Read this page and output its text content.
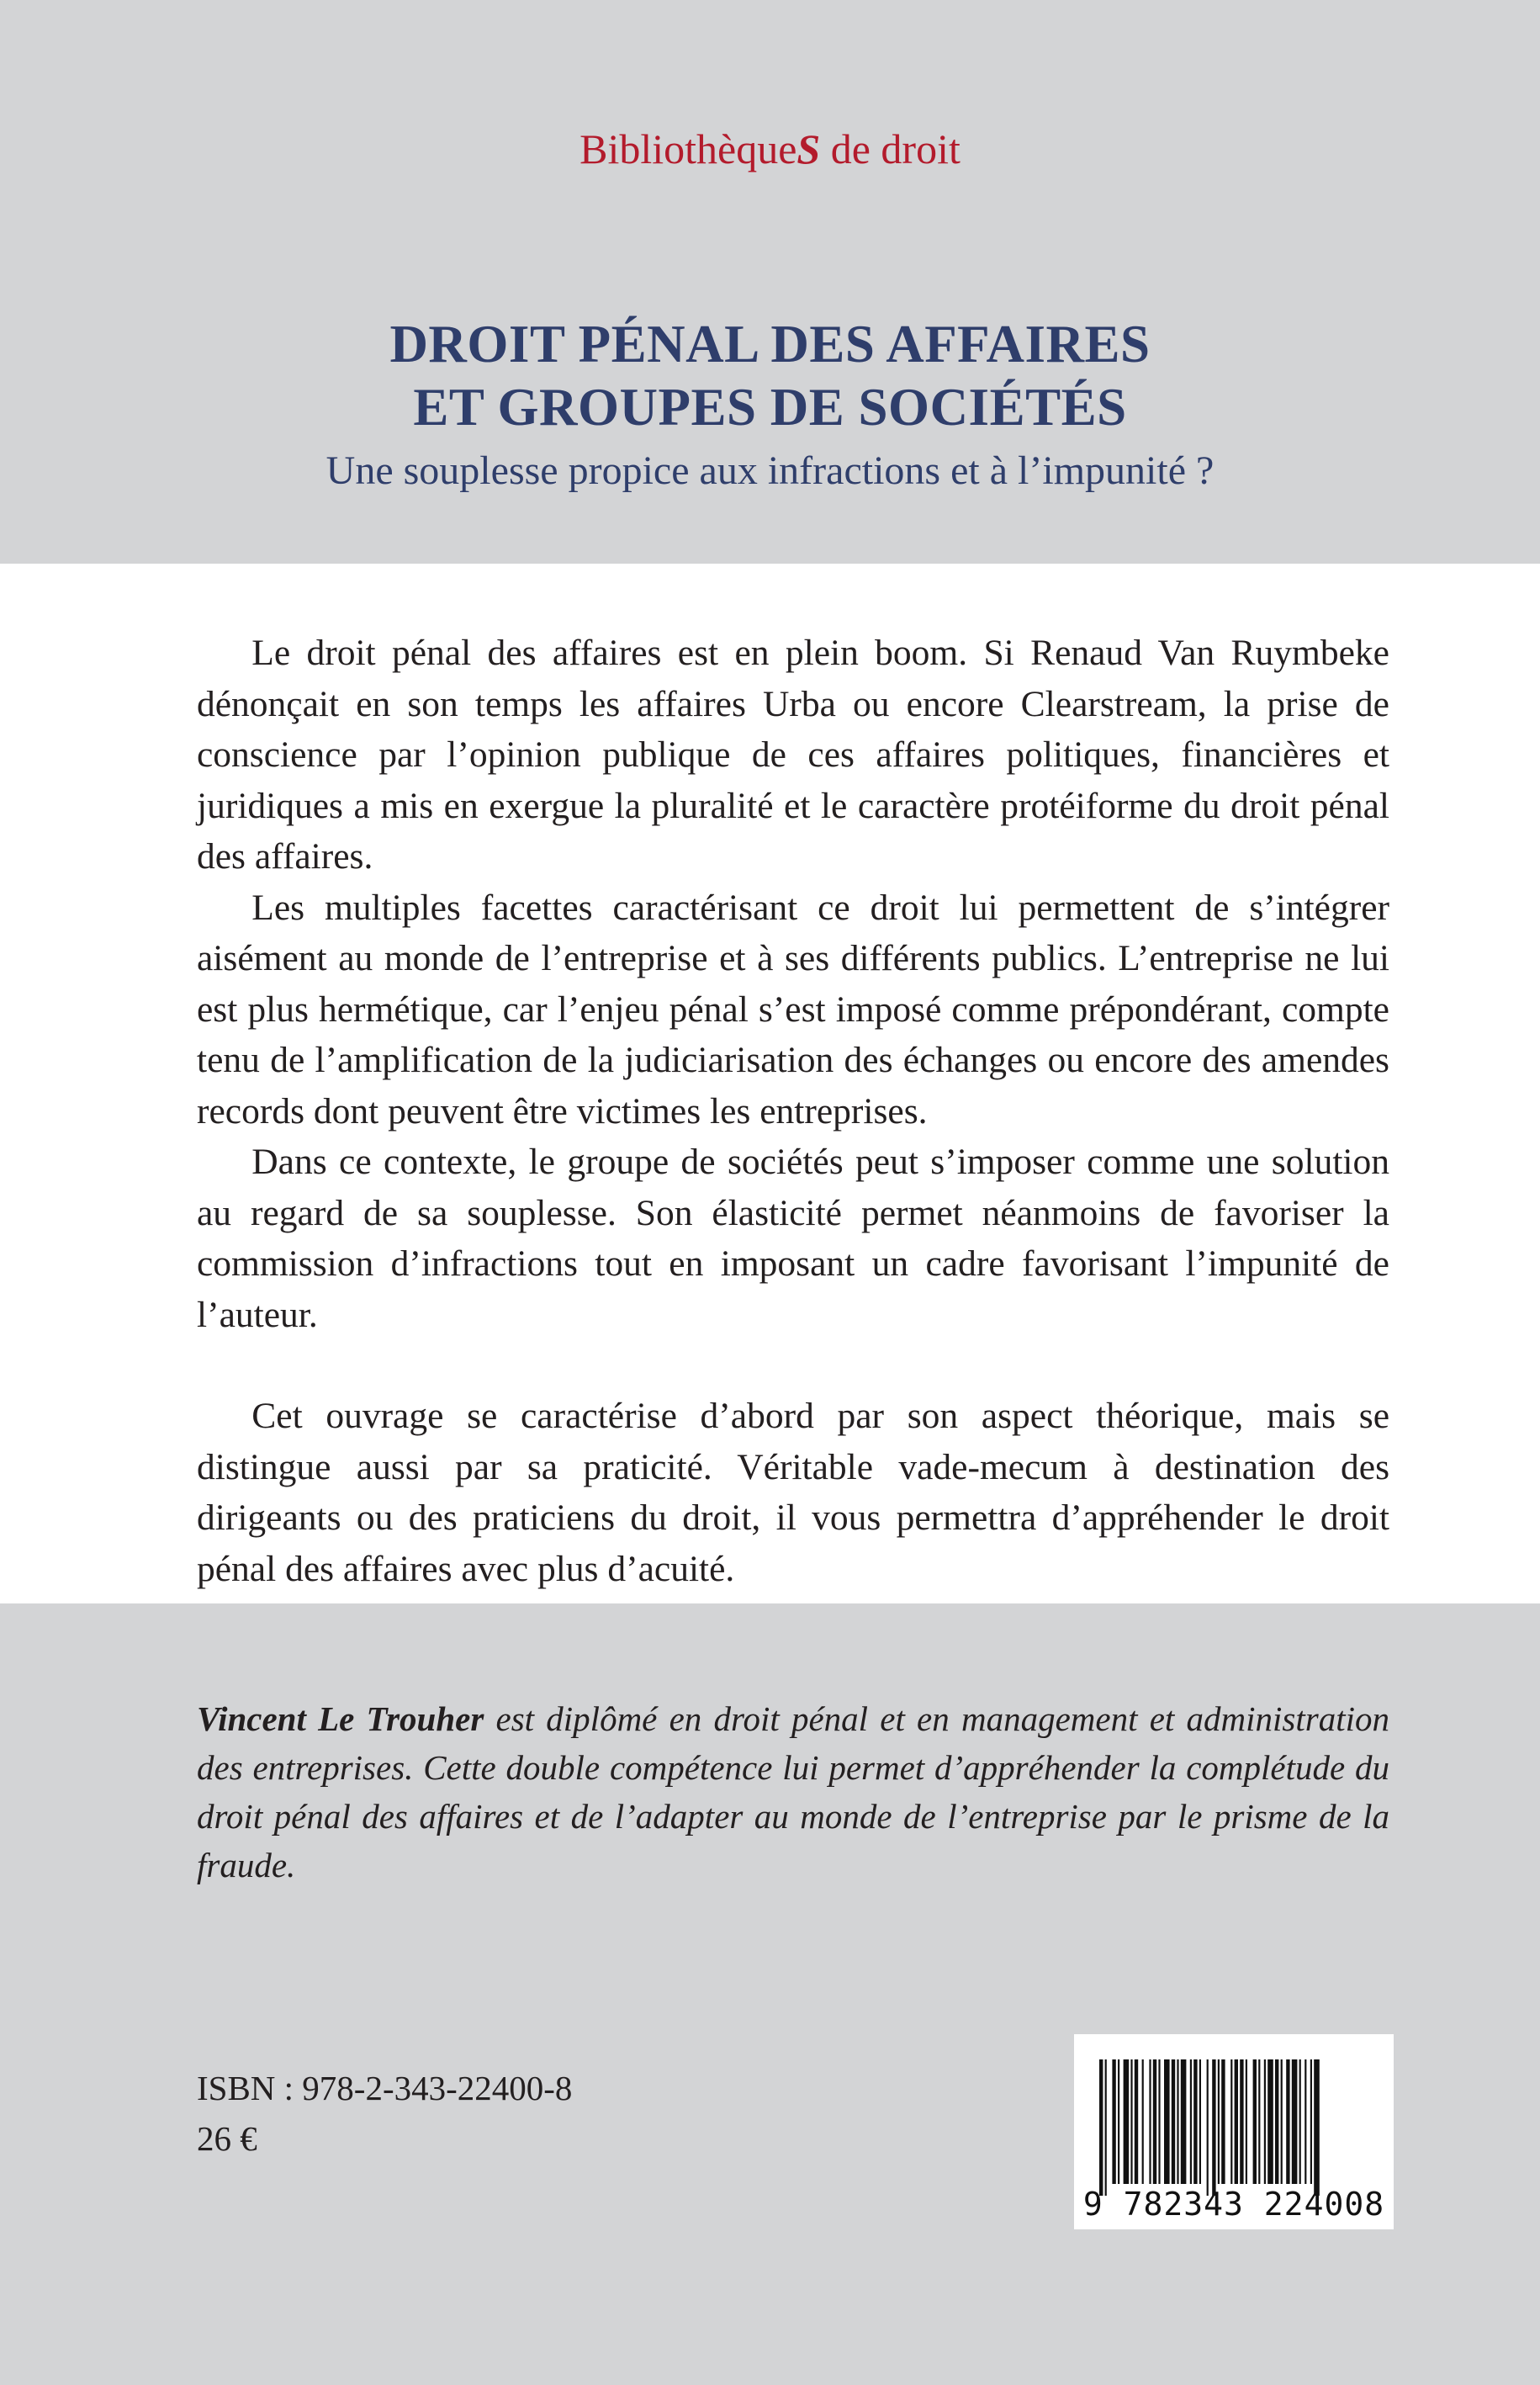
BibliothèqueS de droit
DROIT PÉNAL DES AFFAIRES
ET GROUPES DE SOCIÉTÉS
Une souplesse propice aux infractions et à l’impunité ?

  Le droit pénal des affaires est en plein boom. Si Renaud Van Ruymbeke dénonçait en son temps les affaires Urba ou encore Clearstream, la prise de conscience par l’opinion publique de ces affaires politiques, financières et juridiques a mis en exergue la pluralité et le caractère protéiforme du droit pénal des affaires.

  Les multiples facettes caractérisant ce droit lui permettent de s’intégrer aisément au monde de l’entreprise et à ses différents publics. L’entreprise ne lui est plus hermétique, car l’enjeu pénal s’est imposé comme prépondérant, compte tenu de l’amplification de la judiciarisation des échanges ou encore des amendes records dont peuvent être victimes les entreprises.

  Dans ce contexte, le groupe de sociétés peut s’imposer comme une solution au regard de sa souplesse. Son élasticité permet néanmoins de favoriser la commission d’infractions tout en imposant un cadre favorisant l’impunité de l’auteur.

  Cet ouvrage se caractérise d’abord par son aspect théorique, mais se distingue aussi par sa praticité. Véritable vade-mecum à destination des dirigeants ou des praticiens du droit, il vous permettra d’appréhender le droit pénal des affaires avec plus d’acuité.

Vincent Le Trouher est diplômé en droit pénal et en management et administration des entreprises. Cette double compétence lui permet d’appréhender la complétude du droit pénal des affaires et de l’adapter au monde de l’entreprise par le prisme de la fraude.
ISBN : 978-2-343-22400-8
26 €
9 782343 224008
